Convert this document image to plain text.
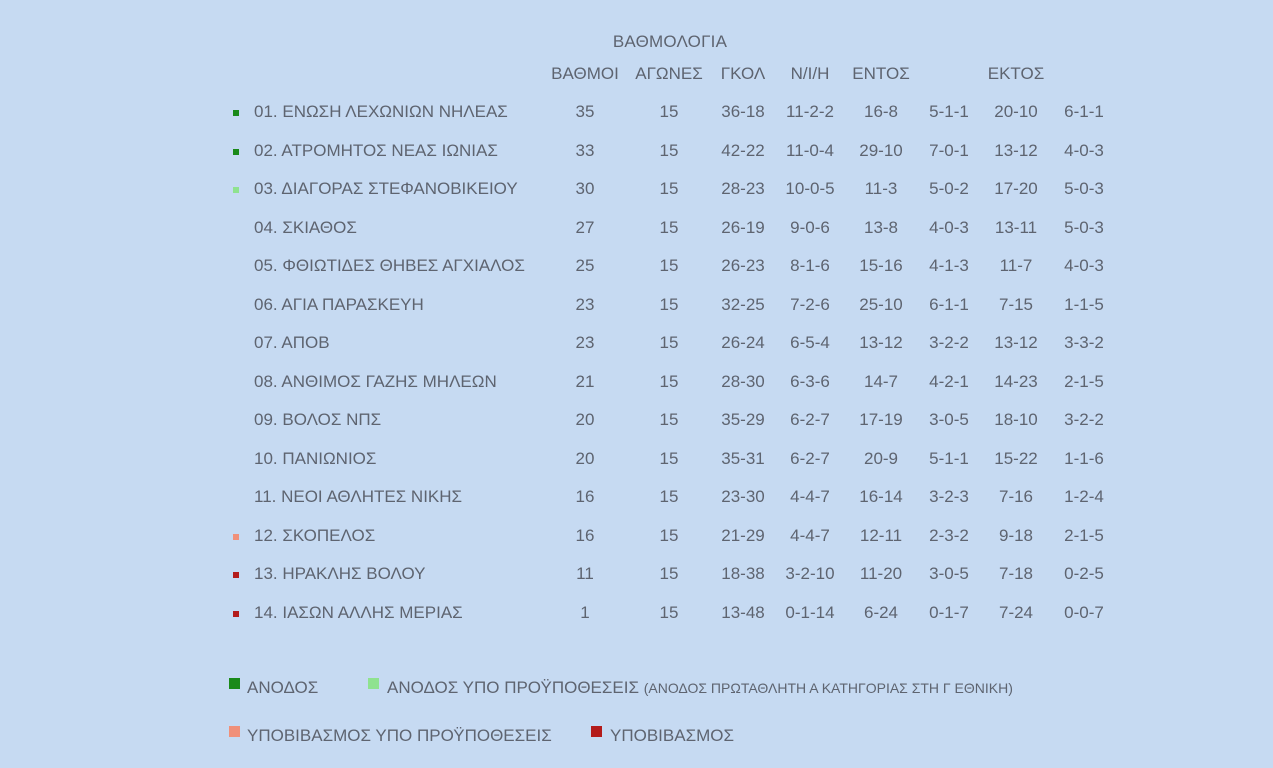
ΒΑΘΜΟΛΟΓΙΑ
ΒΑΘΜΟΙ ΑΓΩΝΕΣ ΓΚΟΛ Ν/Ι/Η ΕΝΤΟΣ	ΕΚΤΟΣ
01. ΕΝΩΣΗ ΛΕΧΩΝΙΩΝ ΝΗΛΕΑΣ	35	15	36-18 11-2-2 16-8 5-1-1 20-10 6-1-1
02. ΑΤΡΟΜΗΤΟΣ ΝΕΑΣ ΙΩΝΙΑΣ	33	15	42-22 11-0-4 29-10 7-0-1 13-12 4-0-3
03. ΔΙΑΓΟΡΑΣ ΣΤΕΦΑΝΟΒΙΚΕΙΟΥ	30	15	28-23 10-0-5 11-3 5-0-2 17-20 5-0-3
04. ΣΚΙΑΘΟΣ	27	15	26-19 9-0-6 13-8 4-0-3 13-11 5-0-3
05. ΦΘΙΩΤΙΔΕΣ ΘΗΒΕΣ ΑΓΧΙΑΛΟΣ	25	15	26-23 8-1-6 15-16 4-1-3 11-7 4-0-3
06. ΑΓΙΑ ΠΑΡΑΣΚΕΥΗ	23	15	32-25 7-2-6 25-10 6-1-1 7-15 1-1-5
07. ΑΠΟΒ	23	15	26-24 6-5-4 13-12 3-2-2 13-12 3-3-2
08. ΑΝΘΙΜΟΣ ΓΑΖΗΣ ΜΗΛΕΩΝ	21	15	28-30 6-3-6 14-7 4-2-1 14-23 2-1-5
09. ΒΟΛΟΣ ΝΠΣ	20	15	35-29 6-2-7 17-19 3-0-5 18-10 3-2-2
10. ΠΑΝΙΩΝΙΟΣ	20	15	35-31 6-2-7 20-9 5-1-1 15-22 1-1-6
11. ΝΕΟΙ ΑΘΛΗΤΕΣ ΝΙΚΗΣ	16	15	23-30 4-4-7 16-14 3-2-3 7-16 1-2-4
12. ΣΚΟΠΕΛΟΣ	16	15	21-29 4-4-7 12-11 2-3-2 9-18 2-1-5
13. ΗΡΑΚΛΗΣ ΒΟΛΟΥ	11	15	18-38 3-2-10 11-20 3-0-5 7-18 0-2-5
14. ΙΑΣΩΝ ΑΛΛΗΣ ΜΕΡΙΑΣ	1	15	13-48 0-1-14 6-24 0-1-7 7-24 0-0-7
ΑΝΟΔΟΣ	ΑΝΟΔΟΣ ΥΠΟ ΠΡΟΫΠΟΘΕΣΕΙΣ (ΑΝΟΔΟΣ ΠΡΩΤΑΘΛΗΤΗ Α ΚΑΤΗΓΟΡΙΑΣ ΣΤΗ Γ ΕΘΝΙΚΗ)
ΥΠΟΒΙΒΑΣΜΟΣ ΥΠΟ ΠΡΟΫΠΟΘΕΣΕΙΣ	ΥΠΟΒΙΒΑΣΜΟΣ
